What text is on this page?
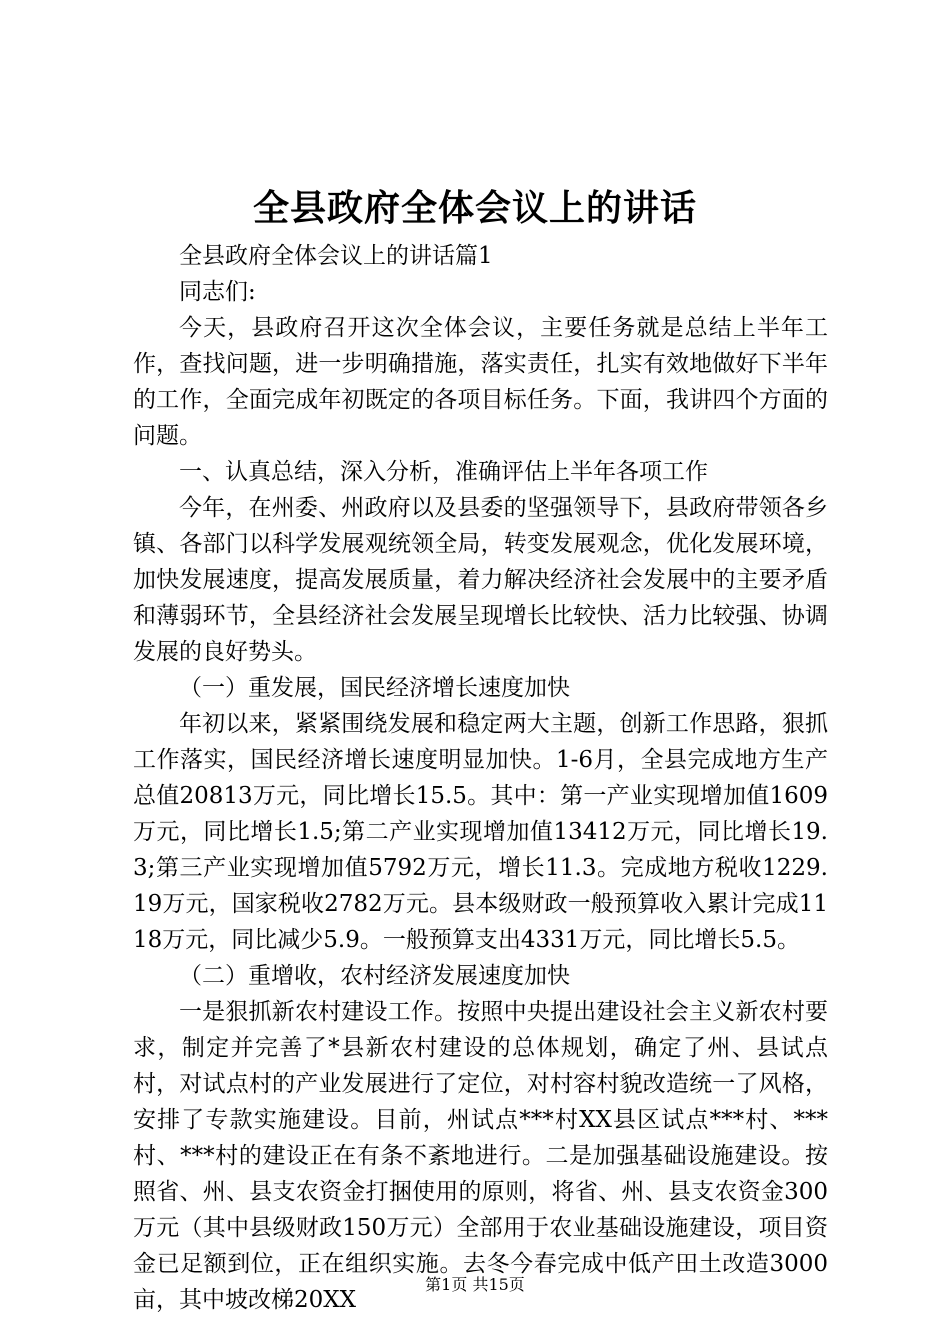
全县政府全体会议上的讲话

全县政府全体会议上的讲话篇1

同志们:

今天，县政府召开这次全体会议，主要任务就是总结上半年工作，查找问题，进一步明确措施，落实责任，扎实有效地做好下半年的工作，全面完成年初既定的各项目标任务。下面，我讲四个方面的问题。

一、认真总结，深入分析，准确评估上半年各项工作

今年，在州委、州政府以及县委的坚强领导下，县政府带领各乡镇、各部门以科学发展观统领全局，转变发展观念，优化发展环境，加快发展速度，提高发展质量，着力解决经济社会发展中的主要矛盾和薄弱环节，全县经济社会发展呈现增长比较快、活力比较强、协调发展的良好势头。

（一）重发展，国民经济增长速度加快

年初以来，紧紧围绕发展和稳定两大主题，创新工作思路，狠抓工作落实，国民经济增长速度明显加快。1-6月，全县完成地方生产总值20813万元，同比增长15.5。其中：第一产业实现增加值1609万元，同比增长1.5;第二产业实现增加值13412万元，同比增长19.3;第三产业实现增加值5792万元，增长11.3。完成地方税收1229.19万元，国家税收2782万元。县本级财政一般预算收入累计完成1118万元，同比减少5.9。一般预算支出4331万元，同比增长5.5。

（二）重增收，农村经济发展速度加快

一是狠抓新农村建设工作。按照中央提出建设社会主义新农村要求，制定并完善了*县新农村建设的总体规划，确定了州、县试点村，对试点村的产业发展进行了定位，对村容村貌改造统一了风格，安排了专款实施建设。目前，州试点***村XX县区试点***村、***村、***村的建设正在有条不紊地进行。二是加强基础设施建设。按照省、州、县支农资金打捆使用的原则，将省、州、县支农资金300万元（其中县级财政150万元）全部用于农业基础设施建设，项目资金已足额到位，正在组织实施。去冬今春完成中低产田土改造3000亩，其中坡改梯20XX

第1页 共15页
